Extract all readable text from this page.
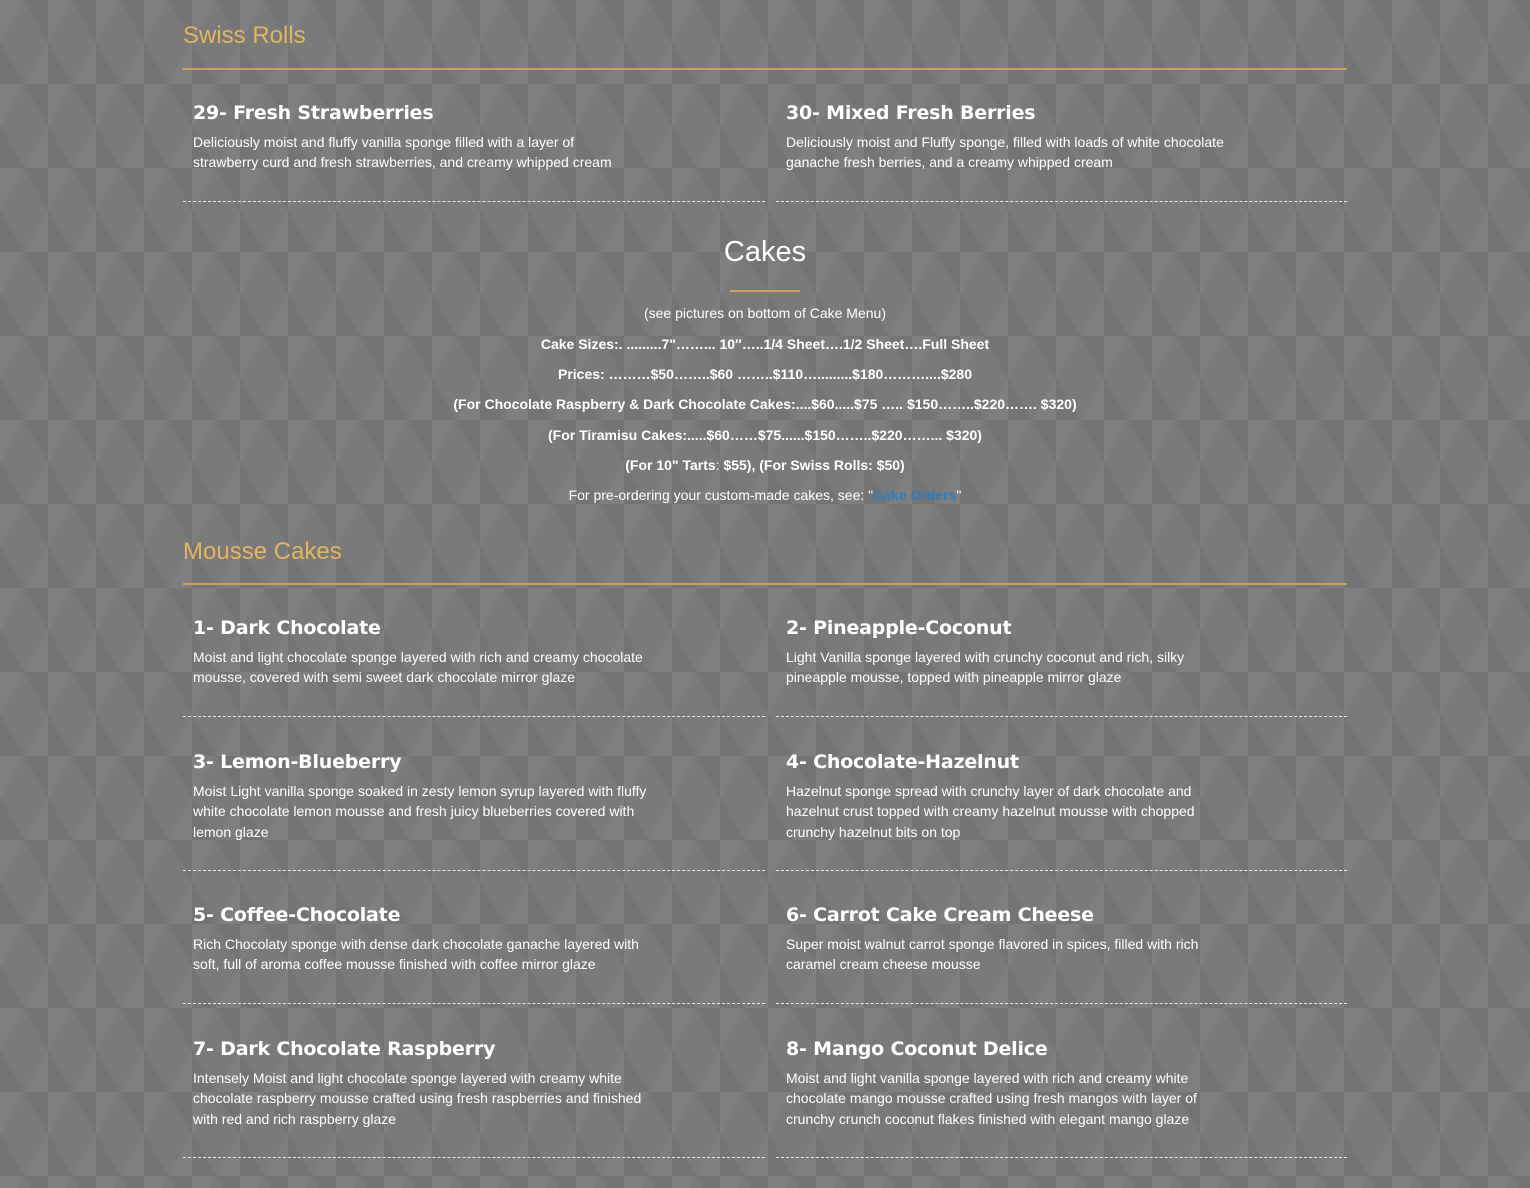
Swiss Rolls
29- Fresh Strawberries

Deliciously moist and fluffy vanilla sponge filled with a layer of strawberry curd and fresh strawberries, and creamy whipped cream

30- Mixed Fresh Berries

Deliciously moist and Fluffy sponge, filled with loads of white chocolate ganache fresh berries, and a creamy whipped cream

Cakes
(see pictures on bottom of Cake Menu)
Cake Sizes:. .........7"……... 10″…..1/4 Sheet….1/2 Sheet….Full Sheet
Prices: ………$50……..$60 ……..$110….........$180………....$280
(For Chocolate Raspberry & Dark Chocolate Cakes:....$60.....$75 ….. $150……..$220……. $320)
(For Tiramisu Cakes:.....$60……$75......$150……..$220……... $320)
(For 10" Tarts: $55), (For Swiss Rolls: $50)
For pre-ordering your custom-made cakes, see: "Cake Orders"
Mousse Cakes
1- Dark Chocolate

Moist and light chocolate sponge layered with rich and creamy chocolate mousse, covered with semi sweet dark chocolate mirror glaze

2- Pineapple-Coconut

Light Vanilla sponge layered with crunchy coconut and rich, silky pineapple mousse, topped with pineapple mirror glaze

3- Lemon-Blueberry

Moist Light vanilla sponge soaked in zesty lemon syrup layered with fluffy white chocolate lemon mousse and fresh juicy blueberries covered with lemon glaze

4- Chocolate-Hazelnut

Hazelnut sponge spread with crunchy layer of dark chocolate and hazelnut crust topped with creamy hazelnut mousse with chopped crunchy hazelnut bits on top

5- Coffee-Chocolate

Rich Chocolaty sponge with dense dark chocolate ganache layered with soft, full of aroma coffee mousse finished with coffee mirror glaze

6- Carrot Cake Cream Cheese

Super moist walnut carrot sponge flavored in spices, filled with rich caramel cream cheese mousse

7- Dark Chocolate Raspberry

Intensely Moist and light chocolate sponge layered with creamy white chocolate raspberry mousse crafted using fresh raspberries and finished with red and rich raspberry glaze

8- Mango Coconut Delice

Moist and light vanilla sponge layered with rich and creamy white chocolate mango mousse crafted using fresh mangos with layer of crunchy crunch coconut flakes finished with elegant mango glaze
